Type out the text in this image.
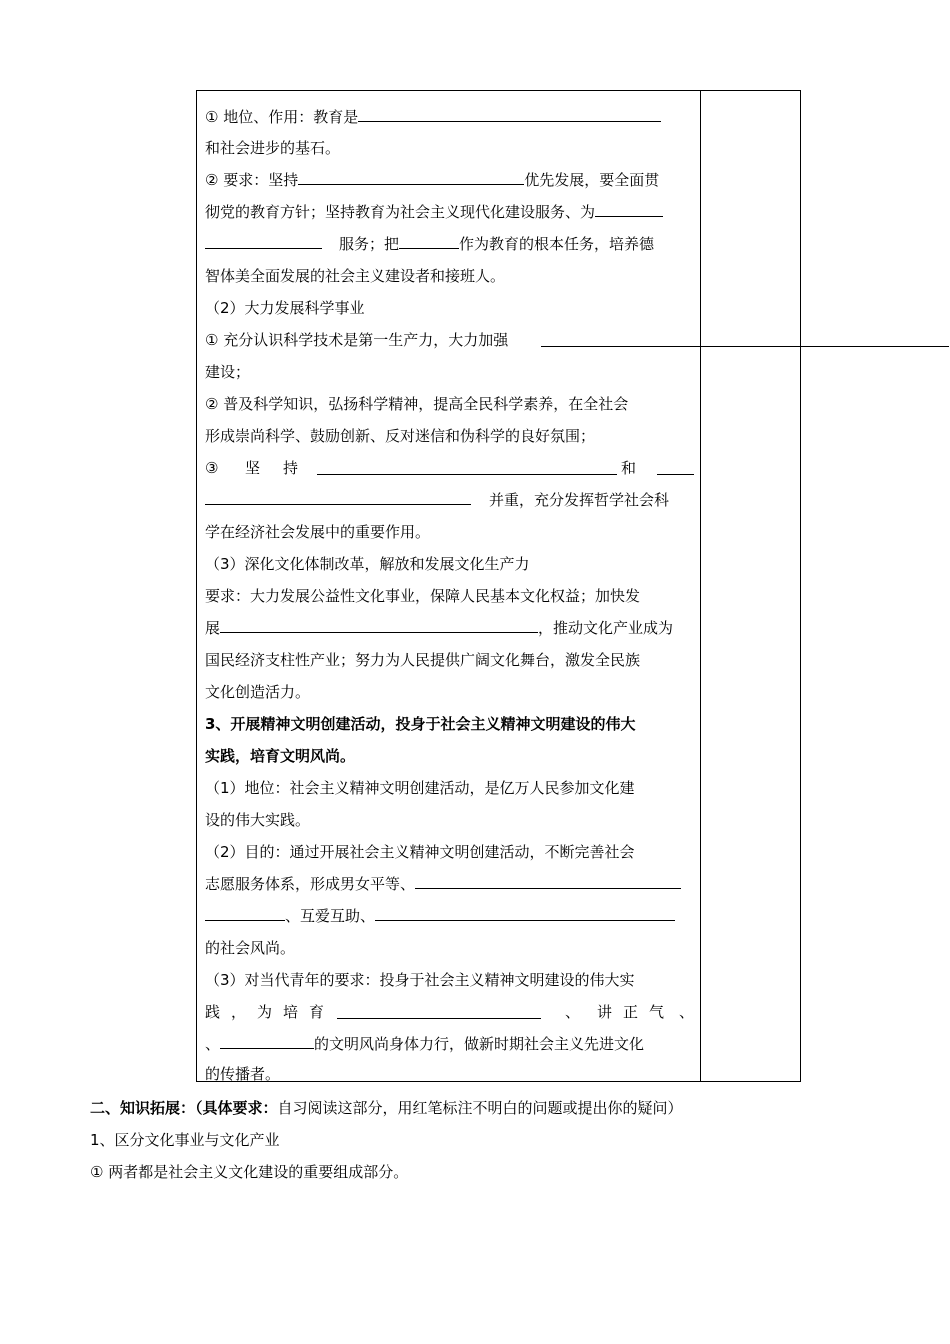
① 地位、作用：教育是
和社会进步的基石。
② 要求：坚持	优先发展，要全面贯
彻党的教育方针；坚持教育为社会主义现代化建设服务、为
服务；把	作为教育的根本任务，培养德
智体美全面发展的社会主义建设者和接班人。
（2）大力发展科学事业
① 充分认识科学技术是第一生产力，大力加强
建设；
② 普及科学知识，弘扬科学精神，提高全民科学素养，在全社会
形成崇尚科学、鼓励创新、反对迷信和伪科学的良好氛围；
③ 坚 持	和
并重，充分发挥哲学社会科
学在经济社会发展中的重要作用。
（3）深化文化体制改革，解放和发展文化生产力
要求：大力发展公益性文化事业，保障人民基本文化权益；加快发
展	，推动文化产业成为
国民经济支柱性产业；努力为人民提供广阔文化舞台，激发全民族
文化创造活力。
3、开展精神文明创建活动，投身于社会主义精神文明建设的伟大
实践，培育文明风尚。
（1）地位：社会主义精神文明创建活动，是亿万人民参加文化建
设的伟大实践。
（2）目的：通过开展社会主义精神文明创建活动，不断完善社会
志愿服务体系，形成男女平等、
、互爱互助、
的社会风尚。
（3）对当代青年的要求：投身于社会主义精神文明建设的伟大实
践 ， 为 培 育	、 讲 正 气 、
、	的文明风尚身体力行，做新时期社会主义先进文化
的传播者。
二、知识拓展：（具体要求：自习阅读这部分，用红笔标注不明白的问题或提出你的疑问）
1、区分文化事业与文化产业
① 两者都是社会主义文化建设的重要组成部分。
